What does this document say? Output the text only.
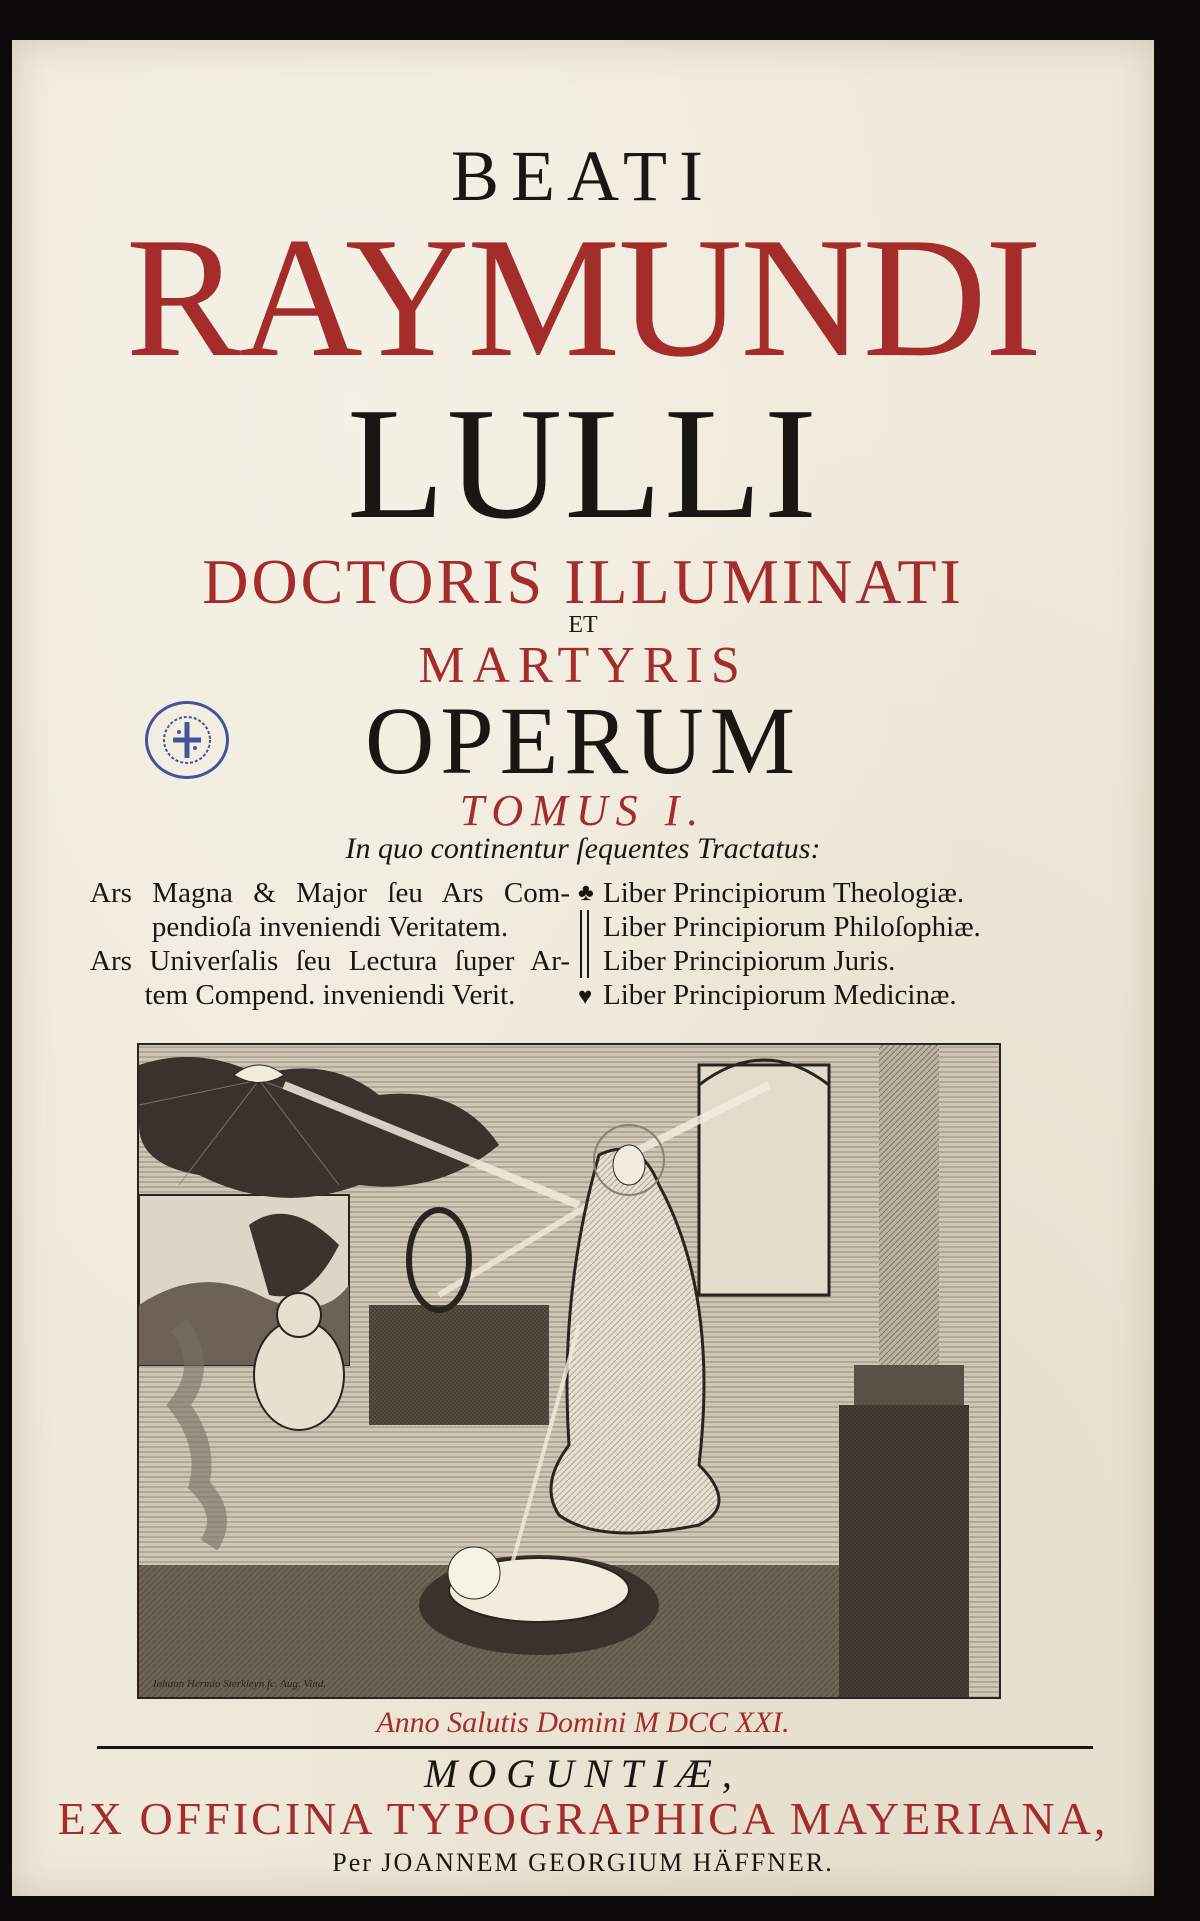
BEATI
RAYMUNDI
LULLI
DOCTORIS ILLUMINATI
ET
MARTYRIS
OPERUM
TOMUS I.
In quo continentur ſequentes Tractatus:
Ars Magna & Major ſeu Ars Com-
pendioſa inveniendi Veritatem.
Ars Univerſalis ſeu Lectura ſuper Ar-
tem Compend. inveniendi Verit.
♣
♥
Liber Principiorum Theologiæ.
Liber Principiorum Philoſophiæ.
Liber Principiorum Juris.
Liber Principiorum Medicinæ.
Iohann Hermio Sterkleyn fc. Aug. Vind.
Anno Salutis Domini M DCC XXI.
MOGUNTIÆ,
EX OFFICINA TYPOGRAPHICA MAYERIANA,
Per JOANNEM GEORGIUM HÄFFNER.
